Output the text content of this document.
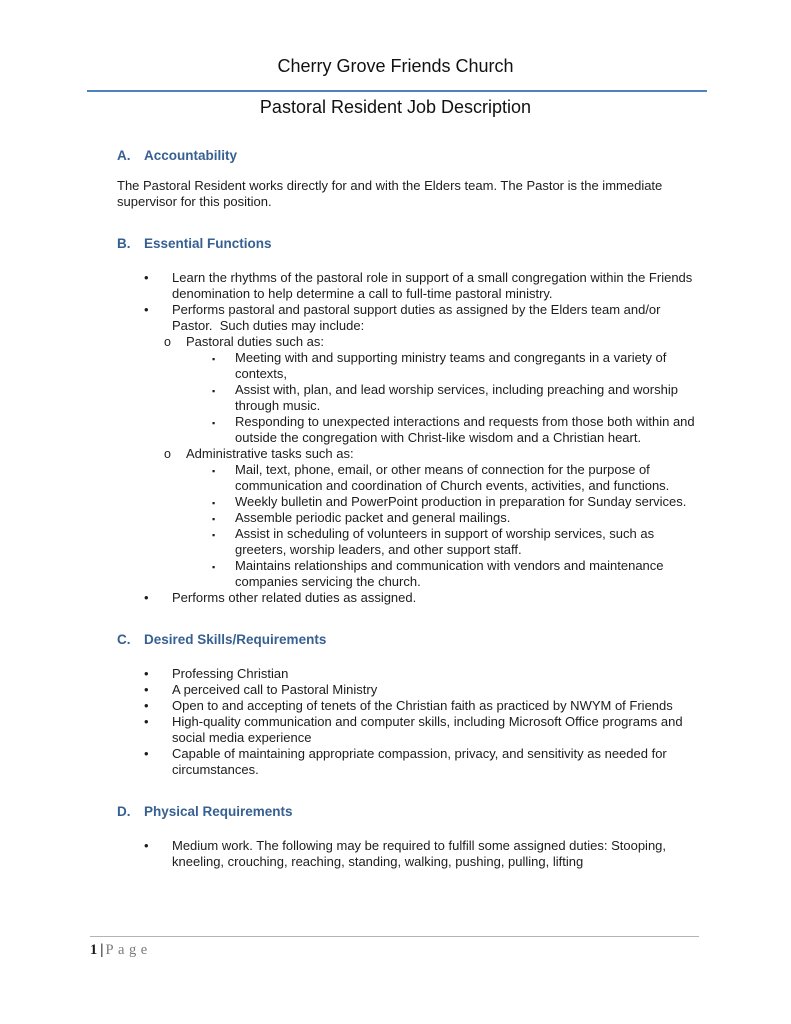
Cherry Grove Friends Church
Pastoral Resident Job Description
A. Accountability
The Pastoral Resident works directly for and with the Elders team. The Pastor is the immediate supervisor for this position.
B. Essential Functions
• Learn the rhythms of the pastoral role in support of a small congregation within the Friends denomination to help determine a call to full-time pastoral ministry.
• Performs pastoral and pastoral support duties as assigned by the Elders team and/or Pastor.  Such duties may include:
o Pastoral duties such as:
▪ Meeting with and supporting ministry teams and congregants in a variety of contexts,
▪ Assist with, plan, and lead worship services, including preaching and worship through music.
▪ Responding to unexpected interactions and requests from those both within and outside the congregation with Christ-like wisdom and a Christian heart.
o Administrative tasks such as:
▪ Mail, text, phone, email, or other means of connection for the purpose of communication and coordination of Church events, activities, and functions.
▪ Weekly bulletin and PowerPoint production in preparation for Sunday services.
▪ Assemble periodic packet and general mailings.
▪ Assist in scheduling of volunteers in support of worship services, such as greeters, worship leaders, and other support staff.
▪ Maintains relationships and communication with vendors and maintenance companies servicing the church.
• Performs other related duties as assigned.
C. Desired Skills/Requirements
• Professing Christian
• A perceived call to Pastoral Ministry
• Open to and accepting of tenets of the Christian faith as practiced by NWYM of Friends
• High-quality communication and computer skills, including Microsoft Office programs and social media experience
• Capable of maintaining appropriate compassion, privacy, and sensitivity as needed for circumstances.
D. Physical Requirements
• Medium work. The following may be required to fulfill some assigned duties: Stooping, kneeling, crouching, reaching, standing, walking, pushing, pulling, lifting
1 | Page
